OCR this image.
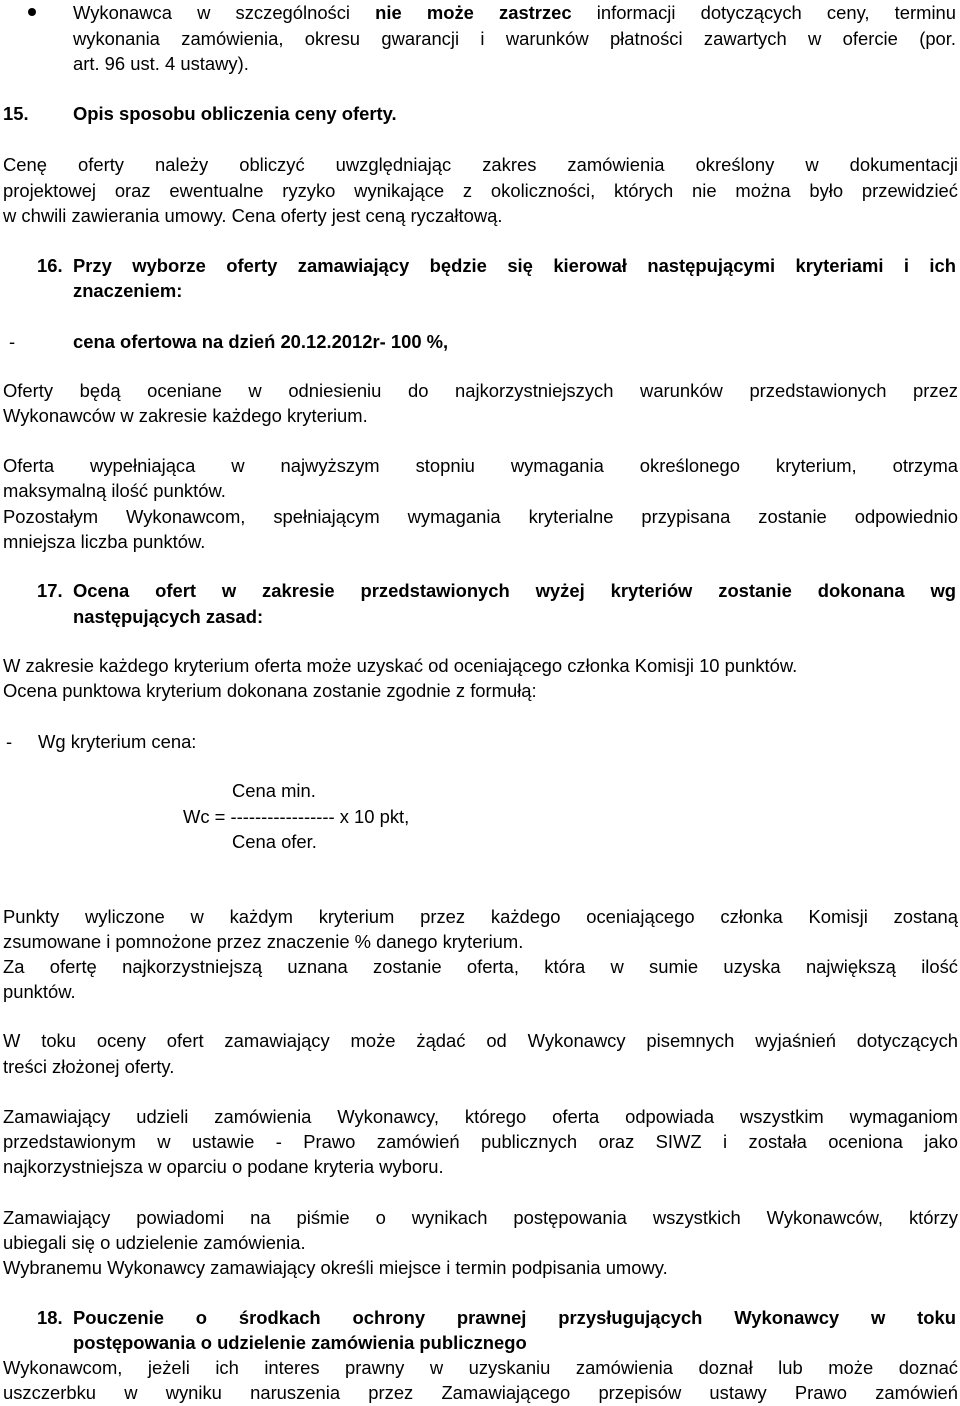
Wykonawca w szczególności nie może zastrzec informacji dotyczących ceny, terminu
wykonania zamówienia, okresu gwarancji i warunków płatności zawartych w ofercie (por.
art. 96 ust. 4 ustawy).
15. Opis sposobu obliczenia ceny oferty.
Cenę oferty należy obliczyć uwzględniając zakres zamówienia określony w dokumentacji
projektowej oraz ewentualne ryzyko wynikające z okoliczności, których nie można było przewidzieć
w chwili zawierania umowy. Cena oferty jest ceną ryczałtową.
16. Przy wyborze oferty zamawiający będzie się kierował następującymi kryteriami i ich
znaczeniem:
-	cena ofertowa na dzień 20.12.2012r- 100 %,
Oferty będą oceniane w odniesieniu do najkorzystniejszych warunków przedstawionych przez
Wykonawców w zakresie każdego kryterium.
Oferta wypełniająca w najwyższym stopniu wymagania określonego kryterium, otrzyma
maksymalną ilość punktów.
Pozostałym Wykonawcom, spełniającym wymagania kryterialne przypisana zostanie odpowiednio
mniejsza liczba punktów.
17. Ocena ofert w zakresie przedstawionych wyżej kryteriów zostanie dokonana wg
następujących zasad:
W zakresie każdego kryterium oferta może uzyskać od oceniającego członka Komisji 10 punktów.
Ocena punktowa kryterium dokonana zostanie zgodnie z formułą:
- Wg kryterium cena:
Cena min.
Wc = ----------------- x 10 pkt,
Cena ofer.
Punkty wyliczone w każdym kryterium przez każdego oceniającego członka Komisji zostaną
zsumowane i pomnożone przez znaczenie % danego kryterium.
Za ofertę najkorzystniejszą uznana zostanie oferta, która w sumie uzyska największą ilość
punktów.
W toku oceny ofert zamawiający może żądać od Wykonawcy pisemnych wyjaśnień dotyczących
treści złożonej oferty.
Zamawiający udzieli zamówienia Wykonawcy, którego oferta odpowiada wszystkim wymaganiom
przedstawionym w ustawie - Prawo zamówień publicznych oraz SIWZ i została oceniona jako
najkorzystniejsza w oparciu o podane kryteria wyboru.
Zamawiający powiadomi na piśmie o wynikach postępowania wszystkich Wykonawców, którzy
ubiegali się o udzielenie zamówienia.
Wybranemu Wykonawcy zamawiający określi miejsce i termin podpisania umowy.
18. Pouczenie o środkach ochrony prawnej przysługujących Wykonawcy w toku
postępowania o udzielenie zamówienia publicznego
Wykonawcom, jeżeli ich interes prawny w uzyskaniu zamówienia doznał lub może doznać
uszczerbku w wyniku naruszenia przez Zamawiającego przepisów ustawy Prawo zamówień
